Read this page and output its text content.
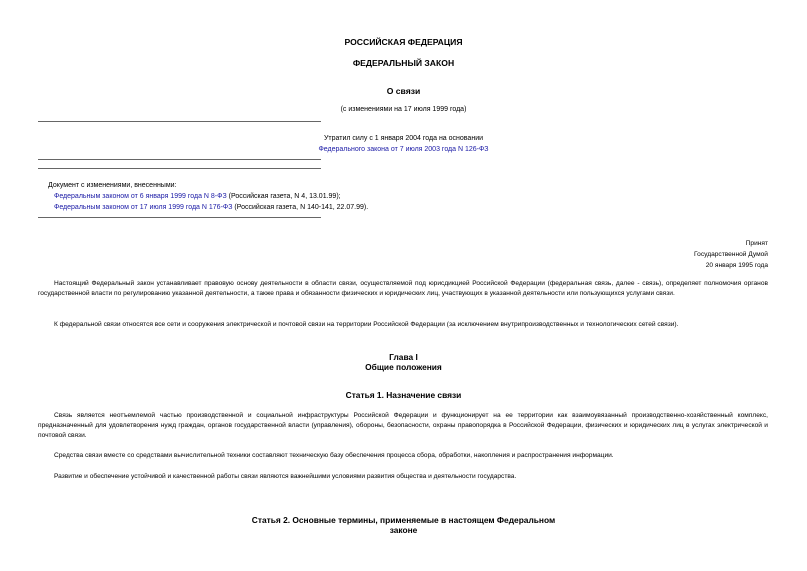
РОССИЙСКАЯ ФЕДЕРАЦИЯ
ФЕДЕРАЛЬНЫЙ ЗАКОН
О связи
(с изменениями на 17 июля 1999 года)
Утратил силу с 1 января 2004 года на основании
Федерального закона от 7 июля 2003 года N 126-ФЗ
Документ с изменениями, внесенными:
Федеральным законом от 6 января 1999 года N 8-ФЗ (Российская газета, N 4, 13.01.99);
Федеральным законом от 17 июля 1999 года N 176-ФЗ (Российская газета, N 140-141, 22.07.99).
Принят
Государственной Думой
20 января 1995 года
Настоящий Федеральный закон устанавливает правовую основу деятельности в области связи, осуществляемой под юрисдикцией Российской Федерации (федеральная связь, далее - связь), определяет полномочия органов государственной власти по регулированию указанной деятельности, а также права и обязанности физических и юридических лиц, участвующих в указанной деятельности или пользующихся услугами связи.
К федеральной связи относятся все сети и сооружения электрической и почтовой связи на территории Российской Федерации (за исключением внутрипроизводственных и технологических сетей связи).
Глава I
Общие положения
Статья 1. Назначение связи
Связь является неотъемлемой частью производственной и социальной инфраструктуры Российской Федерации и функционирует на ее территории как взаимоувязанный производственно-хозяйственный комплекс, предназначенный для удовлетворения нужд граждан, органов государственной власти (управления), обороны, безопасности, охраны правопорядка в Российской Федерации, физических и юридических лиц в услугах электрической и почтовой связи.
Средства связи вместе со средствами вычислительной техники составляют техническую базу обеспечения процесса сбора, обработки, накопления и распространения информации.
Развитие и обеспечение устойчивой и качественной работы связи являются важнейшими условиями развития общества и деятельности государства.
Статья 2. Основные термины, применяемые в настоящем Федеральном
законе
